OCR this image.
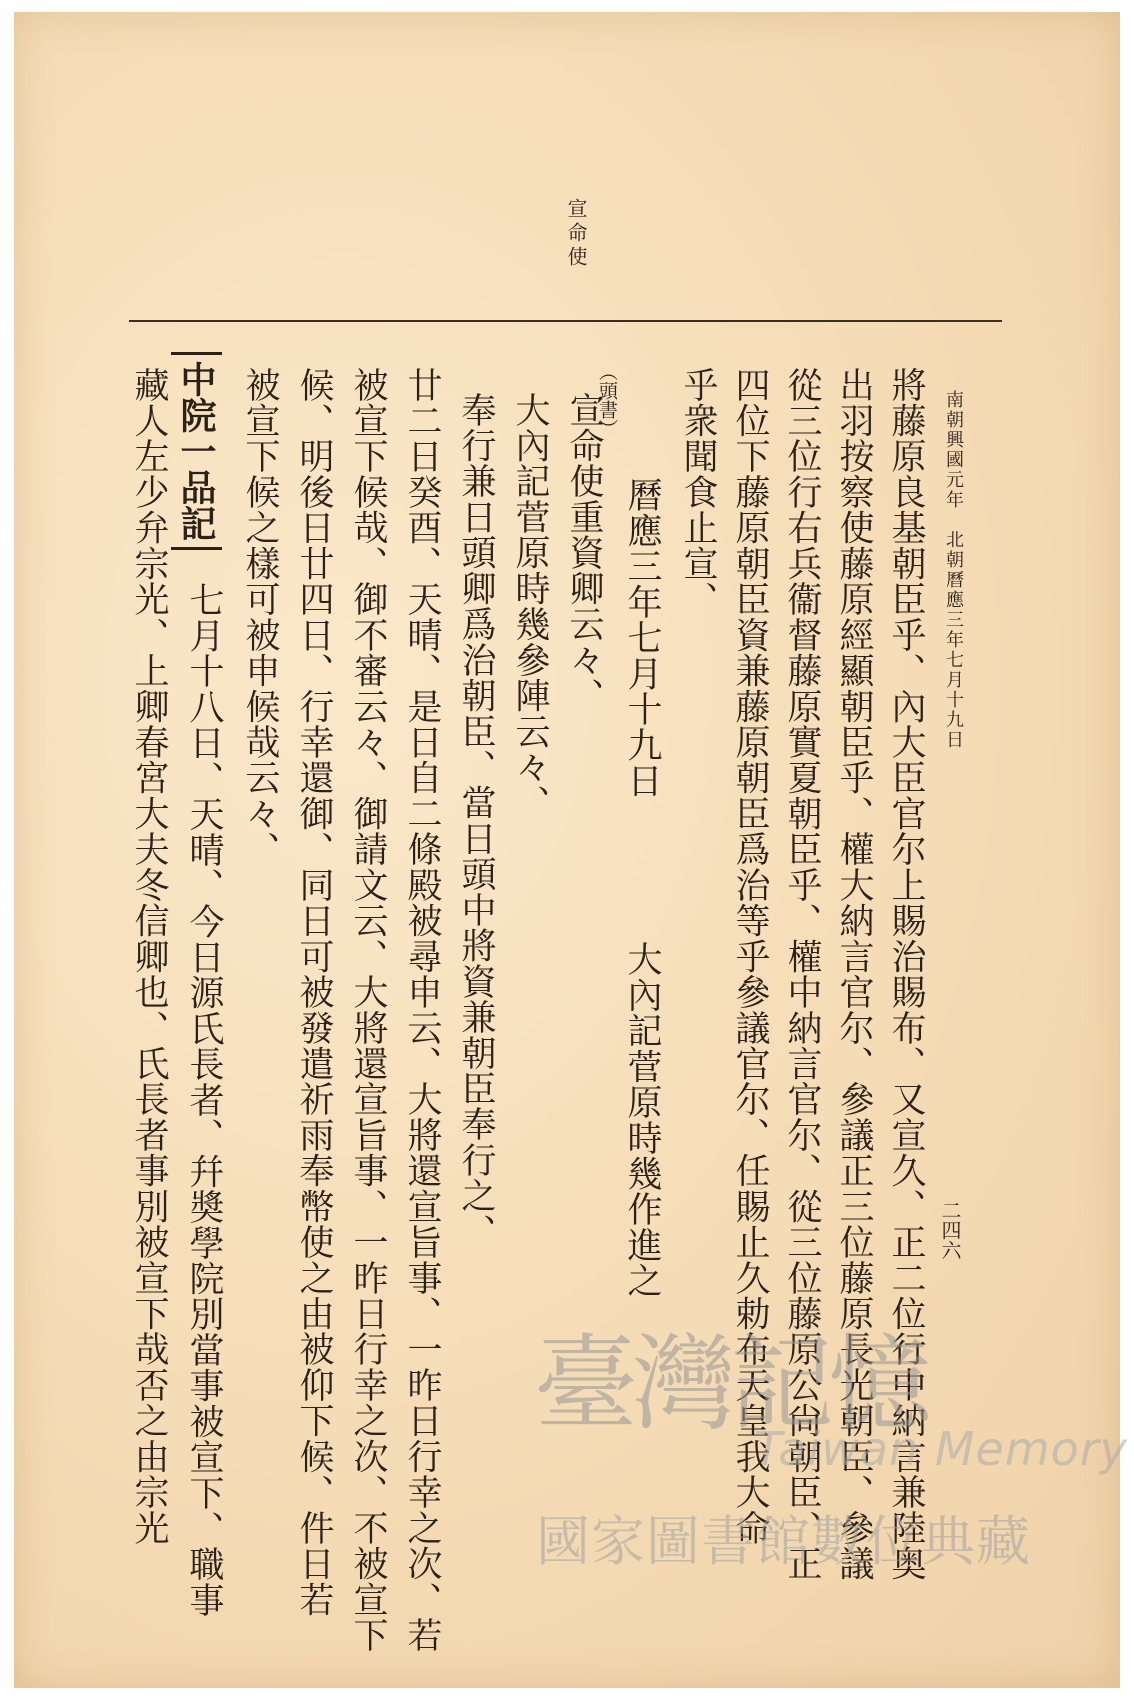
南朝興國元年　北朝曆應三年七月十九日
二四六
宣命使
將藤原良基朝臣乎、內大臣官尔上賜治賜布、又宣久、正二位行中納言兼陸奥
出羽按察使藤原經顯朝臣乎、權大納言官尔、參議正三位藤原長光朝臣、參議
從三位行右兵衞督藤原實夏朝臣乎、權中納言官尔、從三位藤原公尙朝臣、正
四位下藤原朝臣資兼藤原朝臣爲治等乎參議官尔、任賜止久勅布天皇我大命
乎衆聞食止宣、
曆應三年七月十九日　　　　大內記菅原時幾作進之
（頭書）
宣命使重資卿云々、
大內記菅原時幾參陣云々、
奉行兼日頭卿爲治朝臣、當日頭中將資兼朝臣奉行之、
廿二日癸酉、天晴、是日自二條殿被尋申云、大將還宣旨事、一昨日行幸之次、若
被宣下候哉、御不審云々、御請文云、大將還宣旨事、一昨日行幸之次、不被宣下
候、明後日廿四日、行幸還御、同日可被發遣祈雨奉幣使之由被仰下候、件日若
被宣下候之樣可被申候哉云々、
中院一品記
七月十八日、天晴、今日源氏長者、幷奬學院別當事被宣下、職事
藏人左少弁宗光、上卿春宮大夫冬信卿也、氏長者事別被宣下哉否之由宗光	臺灣記憶
Taiwan Memory
國家圖書館數位典藏
